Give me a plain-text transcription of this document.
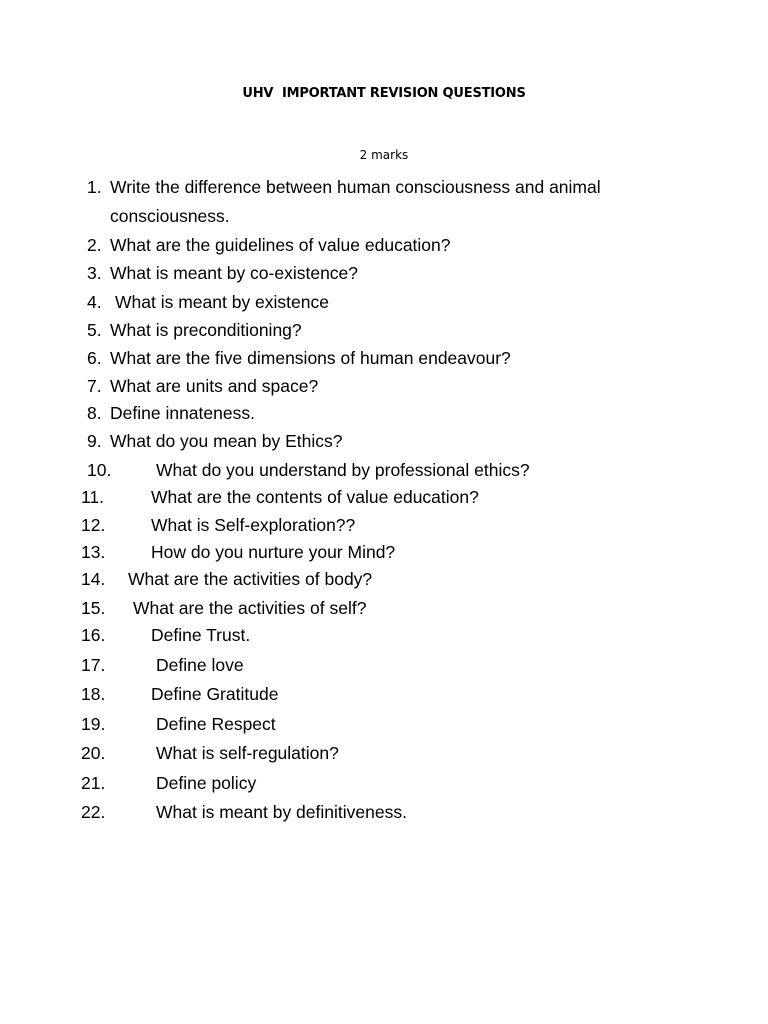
UHV  IMPORTANT REVISION QUESTIONS
2 marks
1. Write the difference between human consciousness and animal
consciousness.
2. What are the guidelines of value education?
3. What is meant by co-existence?
4. What is meant by existence
5. What is preconditioning?
6. What are the five dimensions of human endeavour?
7. What are units and space?
8. Define innateness.
9. What do you mean by Ethics?
10.	What do you understand by professional ethics?
11.	What are the contents of value education?
12.	What is Self-exploration??
13.	How do you nurture your Mind?
14. What are the activities of body?
15. What are the activities of self?
16.	Define Trust.
17.	Define love
18.	Define Gratitude
19.	Define Respect
20.	What is self-regulation?
21.	Define policy
22.	What is meant by definitiveness.
